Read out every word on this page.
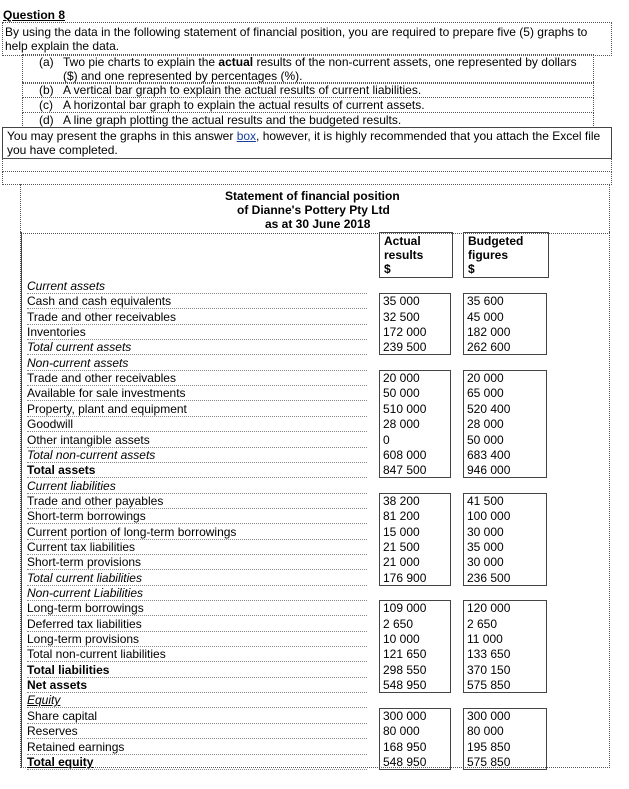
Question 8
By using the data in the following statement of financial position, you are required to prepare five (5) graphs to help explain the data.
(a) Two pie charts to explain the actual results of the non-current assets, one represented by dollars ($) and one represented by percentages (%).
(b) A vertical bar graph to explain the actual results of current liabilities.
(c) A horizontal bar graph to explain the actual results of current assets.
(d) A line graph plotting the actual results and the budgeted results.
You may present the graphs in this answer box, however, it is highly recommended that you attach the Excel file you have completed.
Statement of financial position
of Dianne's Pottery Pty Ltd
as at 30 June 2018
Actual
results
$
Budgeted
figures
$
Current assets
Cash and cash equivalents	35 000	35 600
Trade and other receivables	32 500	45 000
Inventories	172 000	182 000
Total current assets	239 500	262 600
Non-current assets
Trade and other receivables	20 000	20 000
Available for sale investments	50 000	65 000
Property, plant and equipment	510 000	520 400
Goodwill	28 000	28 000
Other intangible assets	0	50 000
Total non-current assets	608 000	683 400
Total assets	847 500	946 000
Current liabilities
Trade and other payables	38 200	41 500
Short-term borrowings	81 200	100 000
Current portion of long-term borrowings	15 000	30 000
Current tax liabilities	21 500	35 000
Short-term provisions	21 000	30 000
Total current liabilities	176 900	236 500
Non-current Liabilities
Long-term borrowings	109 000	120 000
Deferred tax liabilities	2 650	2 650
Long-term provisions	10 000	11 000
Total non-current liabilities	121 650	133 650
Total liabilities	298 550	370 150
Net assets	548 950	575 850
Equity
Share capital	300 000	300 000
Reserves	80 000	80 000
Retained earnings	168 950	195 850
Total equity	548 950	575 850
